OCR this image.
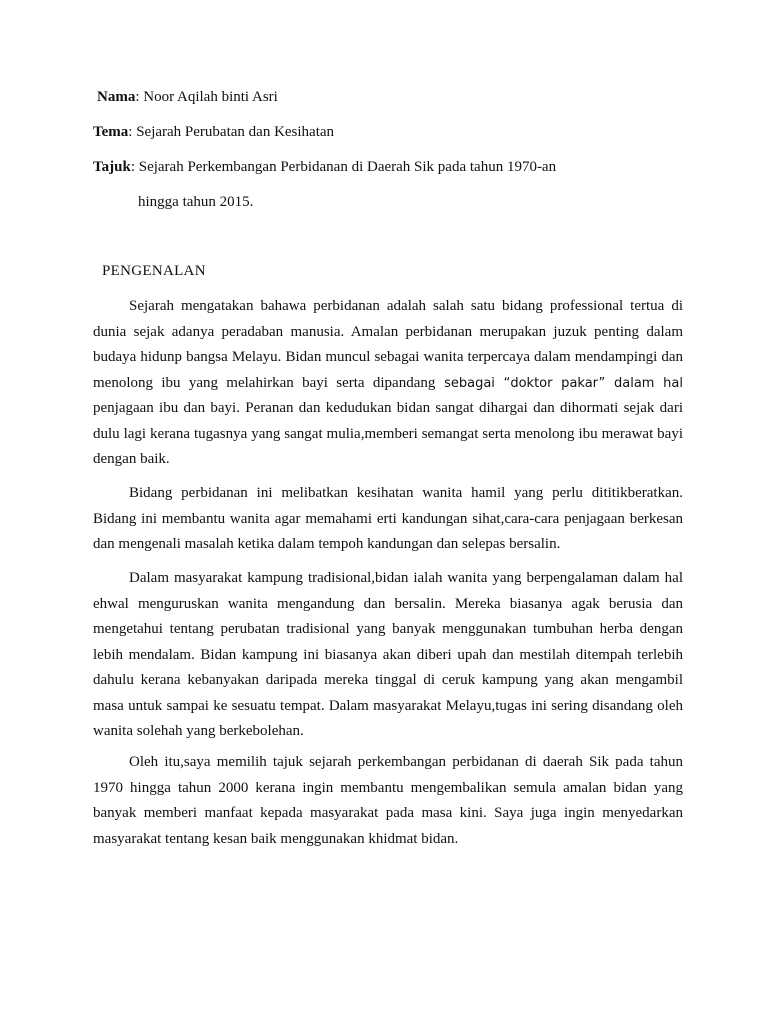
Nama: Noor Aqilah binti Asri
Tema: Sejarah Perubatan dan Kesihatan
Tajuk: Sejarah Perkembangan Perbidanan di Daerah Sik pada tahun 1970-an
hingga tahun 2015.
PENGENALAN

Sejarah mengatakan bahawa perbidanan adalah salah satu bidang professional tertua di dunia sejak adanya peradaban manusia. Amalan perbidanan merupakan juzuk penting dalam budaya hidunp bangsa Melayu. Bidan muncul sebagai wanita terpercaya dalam mendampingi dan menolong ibu yang melahirkan bayi serta dipandang sebagai “doktor pakar” dalam hal penjagaan ibu dan bayi. Peranan dan kedudukan bidan sangat dihargai dan dihormati sejak dari dulu lagi kerana tugasnya yang sangat mulia,memberi semangat serta menolong ibu merawat bayi dengan baik.

Bidang perbidanan ini melibatkan kesihatan wanita hamil yang perlu dititikberatkan. Bidang ini membantu wanita agar memahami erti kandungan sihat,cara-cara penjagaan berkesan dan mengenali masalah ketika dalam tempoh kandungan dan selepas bersalin.

Dalam masyarakat kampung tradisional,bidan ialah wanita yang berpengalaman dalam hal ehwal menguruskan wanita mengandung dan bersalin. Mereka biasanya agak berusia dan mengetahui tentang perubatan tradisional yang banyak menggunakan tumbuhan herba dengan lebih mendalam. Bidan kampung ini biasanya akan diberi upah dan mestilah ditempah terlebih dahulu kerana kebanyakan daripada mereka tinggal di ceruk kampung yang akan mengambil masa untuk sampai ke sesuatu tempat. Dalam masyarakat Melayu,tugas ini sering disandang oleh wanita solehah yang berkebolehan.

Oleh itu,saya memilih tajuk sejarah perkembangan perbidanan di daerah Sik pada tahun 1970 hingga tahun 2000 kerana ingin membantu mengembalikan semula amalan bidan yang banyak memberi manfaat kepada masyarakat pada masa kini. Saya juga ingin menyedarkan masyarakat tentang kesan baik menggunakan khidmat bidan.
